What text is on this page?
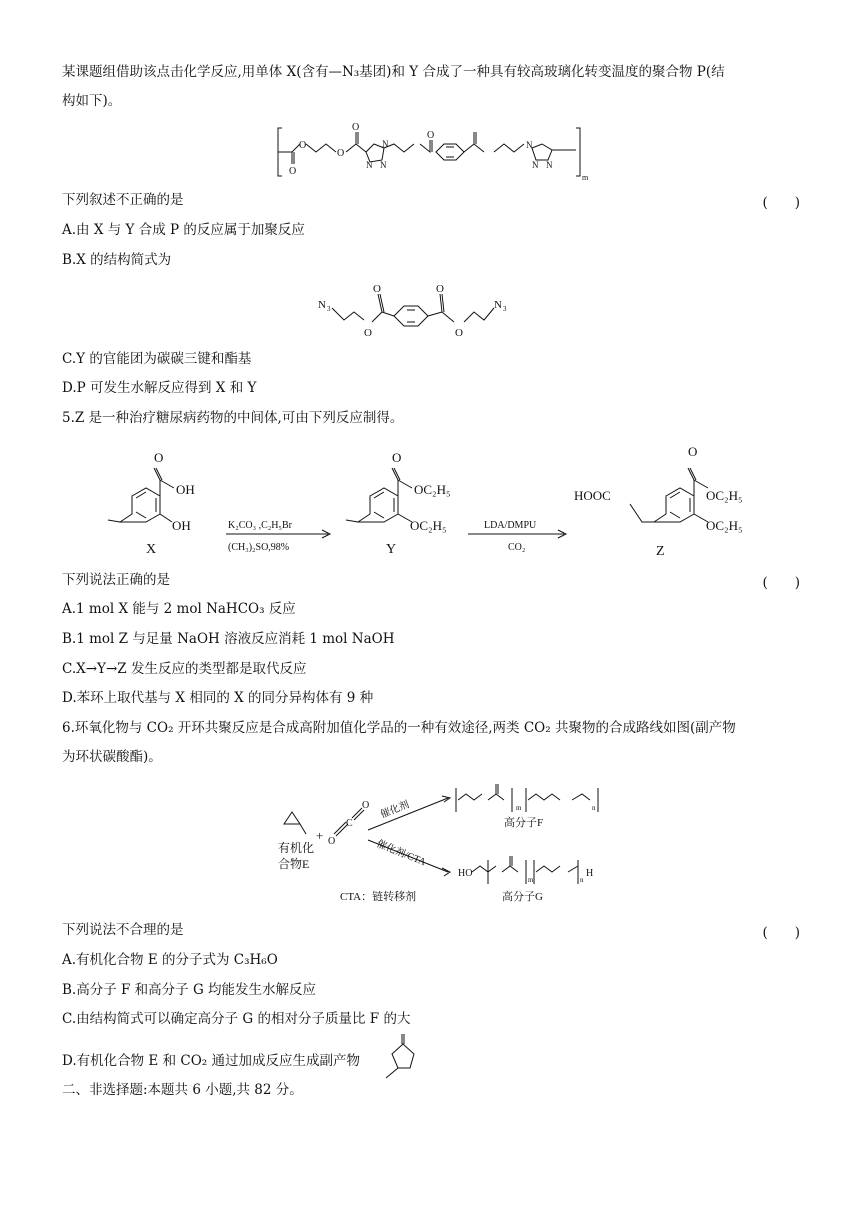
某课题组借助该点击化学反应,用单体 X(含有—N₃基团)和 Y 合成了一种具有较高玻璃化转变温度的聚合物 P(结
构如下)。
O
O
O
O
O
N
N
N
N
N
N
m
下列叙述不正确的是	(　　)
A.由 X 与 Y 合成 P 的反应属于加聚反应
B.X 的结构简式为
N 3	N 3
O
O
O
O
C.Y 的官能团为碳碳三键和酯基
D.P 可发生水解反应得到 X 和 Y
5.Z 是一种治疗糖尿病药物的中间体,可由下列反应制得。
O
OH
OH
X
K₂CO₃ ,C₂H₅Br
(CH₃)₂SO,98%
O
OC₂H₅
OC₂H₅
Y
LDA/DMPU
CO₂
HOOC
O
OC₂H₅
OC₂H₅
Z
下列说法正确的是	(　　)
A.1 mol X 能与 2 mol NaHCO₃ 反应
B.1 mol Z 与足量 NaOH 溶液反应消耗 1 mol NaOH
C.X→Y→Z 发生反应的类型都是取代反应
D.苯环上取代基与 X 相同的 X 的同分异构体有 9 种
6.环氧化物与 CO₂ 开环共聚反应是合成高附加值化学品的一种有效途径,两类 CO₂ 共聚物的合成路线如图(副产物
为环状碳酸酯)。
有机化
合物E
+
C
O
O 催化剂
催化剂/CTA
高分子F
m	n
HO
m	n
H
高分子G
CTA：链转移剂
下列说法不合理的是	(　　)
A.有机化合物 E 的分子式为 C₃H₆O
B.高分子 F 和高分子 G 均能发生水解反应
C.由结构简式可以确定高分子 G 的相对分子质量比 F 的大
D.有机化合物 E 和 CO₂ 通过加成反应生成副产物
二、非选择题:本题共 6 小题,共 82 分。
